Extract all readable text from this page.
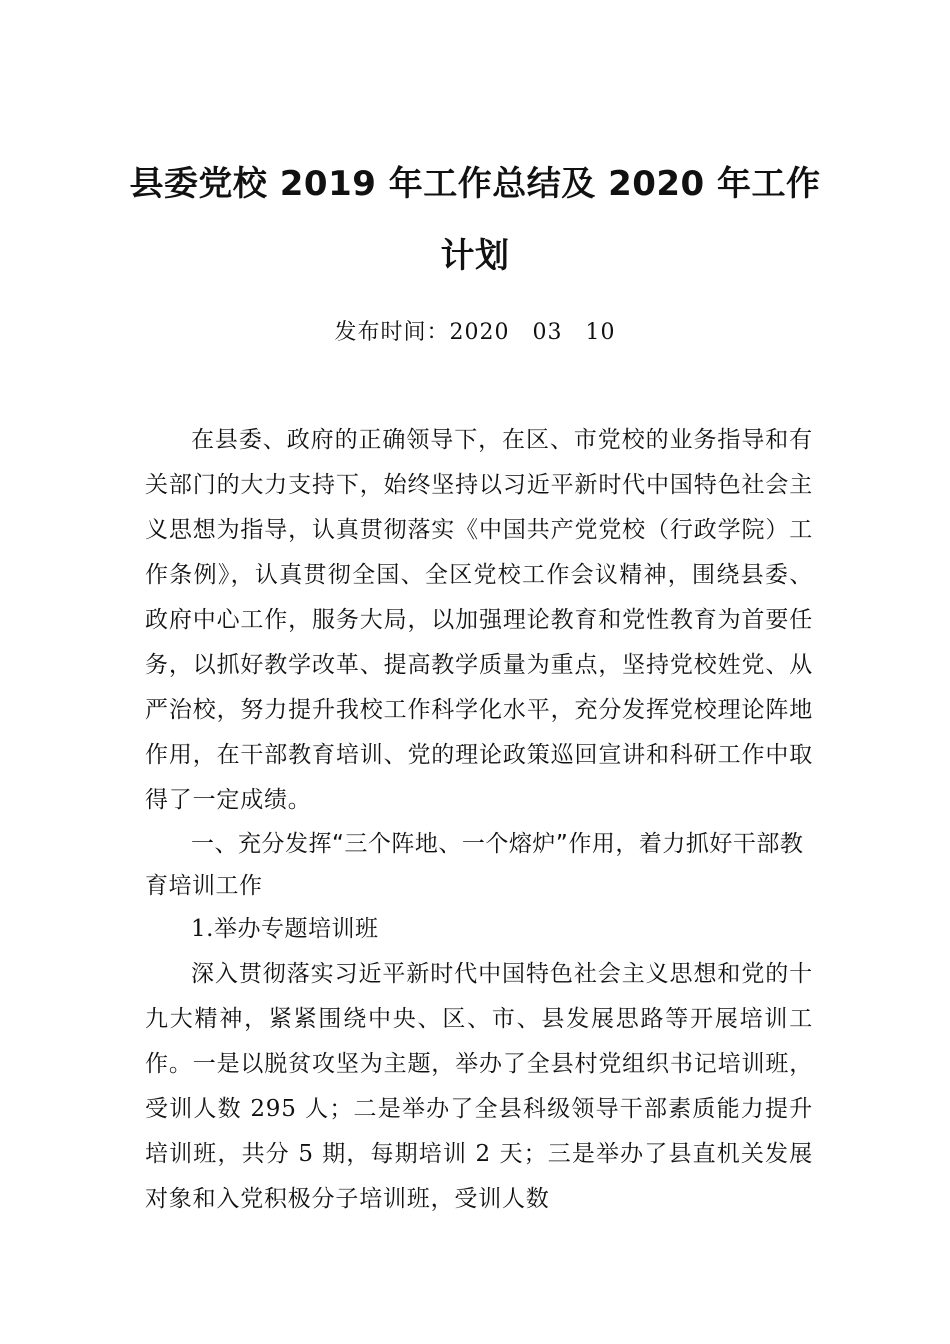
县委党校 2019 年工作总结及 2020 年工作
计划
发布时间：2020　03　10

在县委、政府的正确领导下，在区、市党校的业务指导和有关部门的大力支持下，始终坚持以习近平新时代中国特色社会主义思想为指导，认真贯彻落实《中国共产党党校（行政学院）工作条例》，认真贯彻全国、全区党校工作会议精神，围绕县委、政府中心工作，服务大局，以加强理论教育和党性教育为首要任务，以抓好教学改革、提高教学质量为重点，坚持党校姓党、从严治校，努力提升我校工作科学化水平，充分发挥党校理论阵地作用，在干部教育培训、党的理论政策巡回宣讲和科研工作中取得了一定成绩。

一、充分发挥“三个阵地、一个熔炉”作用，着力抓好干部教育培训工作

1.举办专题培训班

深入贯彻落实习近平新时代中国特色社会主义思想和党的十九大精神，紧紧围绕中央、区、市、县发展思路等开展培训工作。一是以脱贫攻坚为主题，举办了全县村党组织书记培训班，受训人数 295 人；二是举办了全县科级领导干部素质能力提升培训班，共分 5 期，每期培训 2 天；三是举办了县直机关发展对象和入党积极分子培训班，受训人数
